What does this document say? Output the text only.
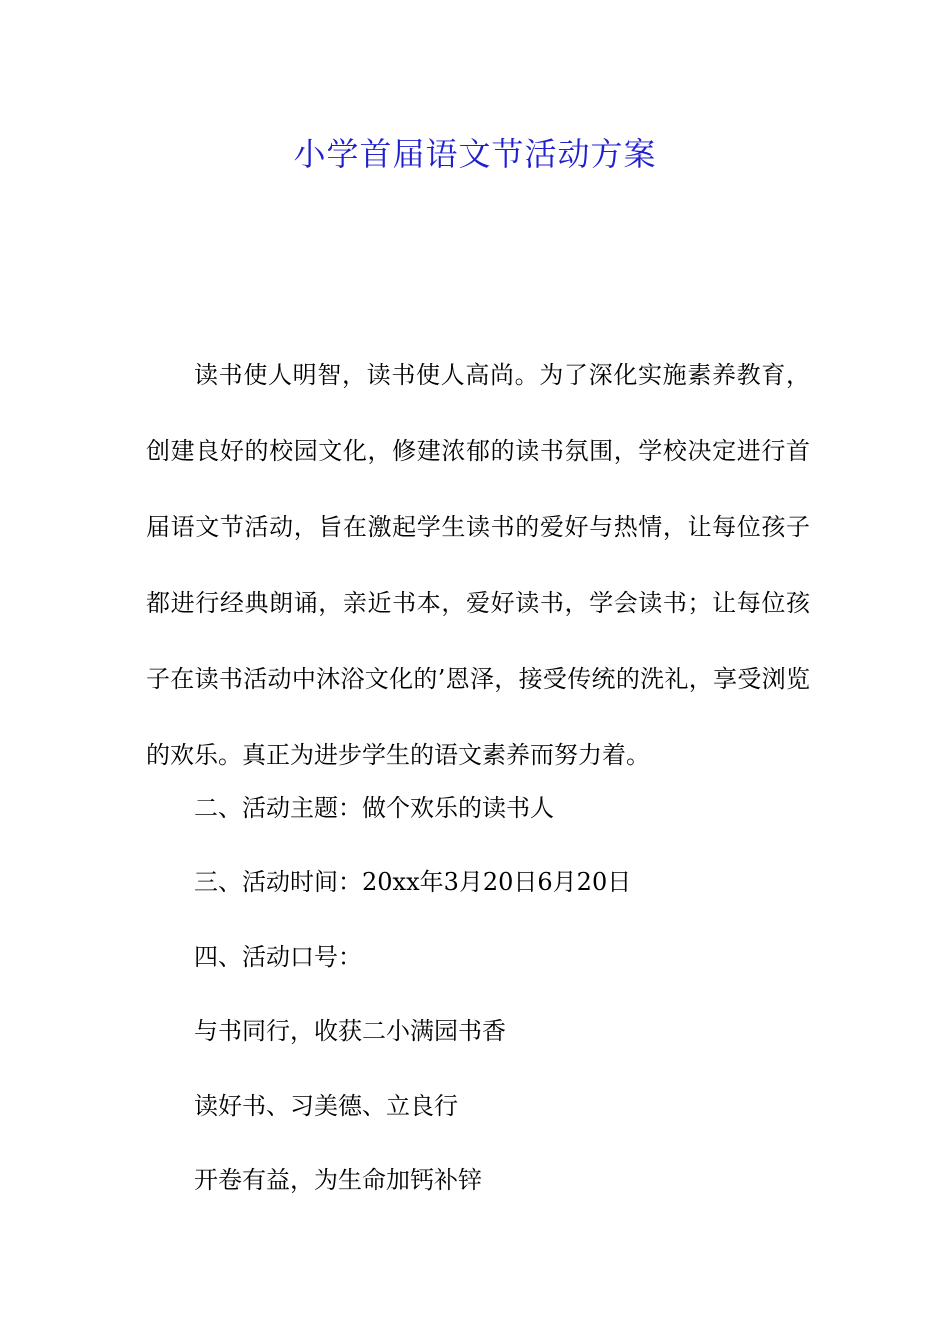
小学首届语文节活动方案

读书使人明智，读书使人高尚。为了深化实施素养教育，创建良好的校园文化，修建浓郁的读书氛围，学校决定进行首届语文节活动，旨在激起学生读书的爱好与热情，让每位孩子都进行经典朗诵，亲近书本，爱好读书，学会读书；让每位孩子在读书活动中沐浴文化的’恩泽，接受传统的洗礼，享受浏览的欢乐。真正为进步学生的语文素养而努力着。

二、活动主题：做个欢乐的读书人

三、活动时间：20xx年3月20日6月20日

四、活动口号：

与书同行，收获二小满园书香

读好书、习美德、立良行

开卷有益，为生命加钙补锌
